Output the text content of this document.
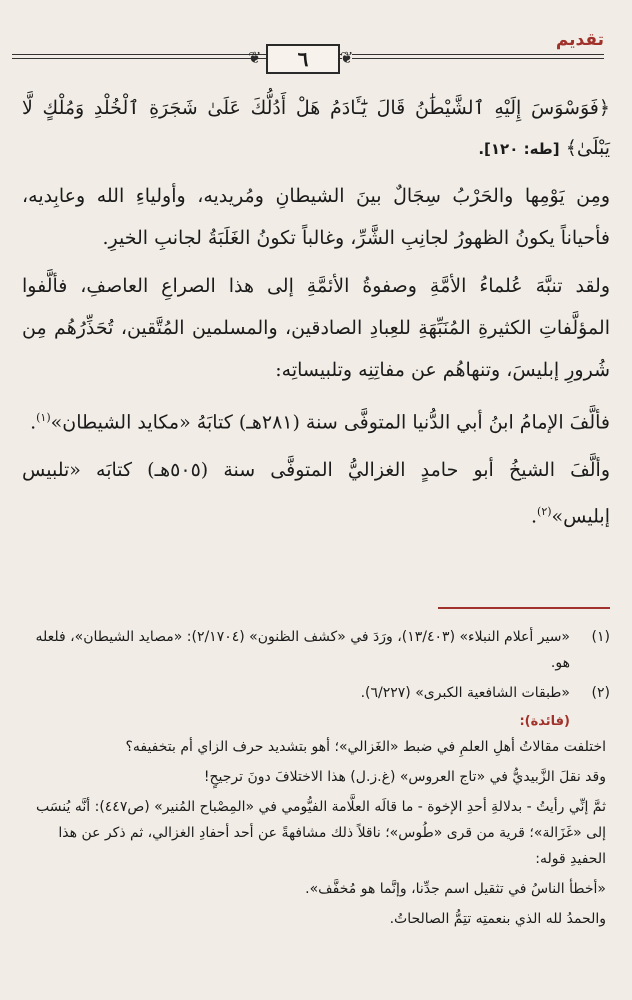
تقديم
❦	❦
٦

﴿فَوَسْوَسَ إِلَيْهِ ٱلشَّيْطَٰنُ قَالَ يَٰٓـَٔادَمُ هَلْ أَدُلُّكَ عَلَىٰ شَجَرَةِ ٱلْخُلْدِ وَمُلْكٍ لَّا يَبْلَىٰ﴾ [طه: ١٢٠].

ومِن يَوْمِها والحَرْبُ سِجَالٌ بينَ الشيطانِ ومُريديه، وأولياءِ الله وعابِديه، فأحياناً يكونُ الظهورُ لجانِبِ الشَّرِّ، وغالباً تكونُ الغَلَبَةُ لجانبِ الخيرِ.

ولقد تنبَّهَ عُلماءُ الأمَّةِ وصفوةُ الأئمَّةِ إلى هذا الصراعِ العاصفِ، فألَّفوا المؤلَّفاتِ الكثيرةِ المُنَبِّهَةِ للعِبادِ الصادقين، والمسلمين المُتَّقين، تُحَذِّرُهُم مِن شُرورِ إبليسَ، وتنهاهُم عن مفاتِنِه وتلبيساتِه:

فألَّفَ الإمامُ ابنُ أبي الدُّنيا المتوفَّى سنة (٢٨١هـ) كتابَهُ «مكايد الشيطان»$^{(١)}$.

وألَّفَ الشيخُ أبو حامدٍ الغزاليُّ المتوفَّى سنة (٥٠٥هـ) كتابَه «تلبيس إبليس»$^{(٢)}$.

(١)
«سير أعلام النبلاء» (١٣/٤٠٣)، ورَدَ في «كشف الظنون» (٢/١٧٠٤): «مصايد الشيطان»، فلعله هو.
(٢)
«طبقات الشافعية الكبرى» (٦/٢٢٧).
(فائدة):

اختلفت مقالاتُ أهلِ العلمِ في ضبط «الغَزالي»؛ أهو بتشديد حرف الزاي أم بتخفيفه؟

وقد نقلَ الزَّبيديُّ في «تاج العروس» (غ.ز.ل) هذا الاختلافَ دونَ ترجيحٍ!

ثمَّ إنِّي رأيتُ - بدلالةِ أحدِ الإخوة - ما قالَه العلَّامة الفيُّومي في «المِصْباح المُنير» (ص٤٤٧): أنَّه يُنسَب إلى «غَزَالة»؛ قرية من قرى «طُوس»؛ ناقلاً ذلك مشافهةً عن أحد أحفادِ الغزالي، ثم ذكر عن هذا الحفيدِ قوله:

«أخطأ الناسُ في تثقيل اسم جدِّنا، وإنَّما هو مُخفَّف».

والحمدُ لله الذي بنعمتِه تتِمُّ الصالحاتُ.
